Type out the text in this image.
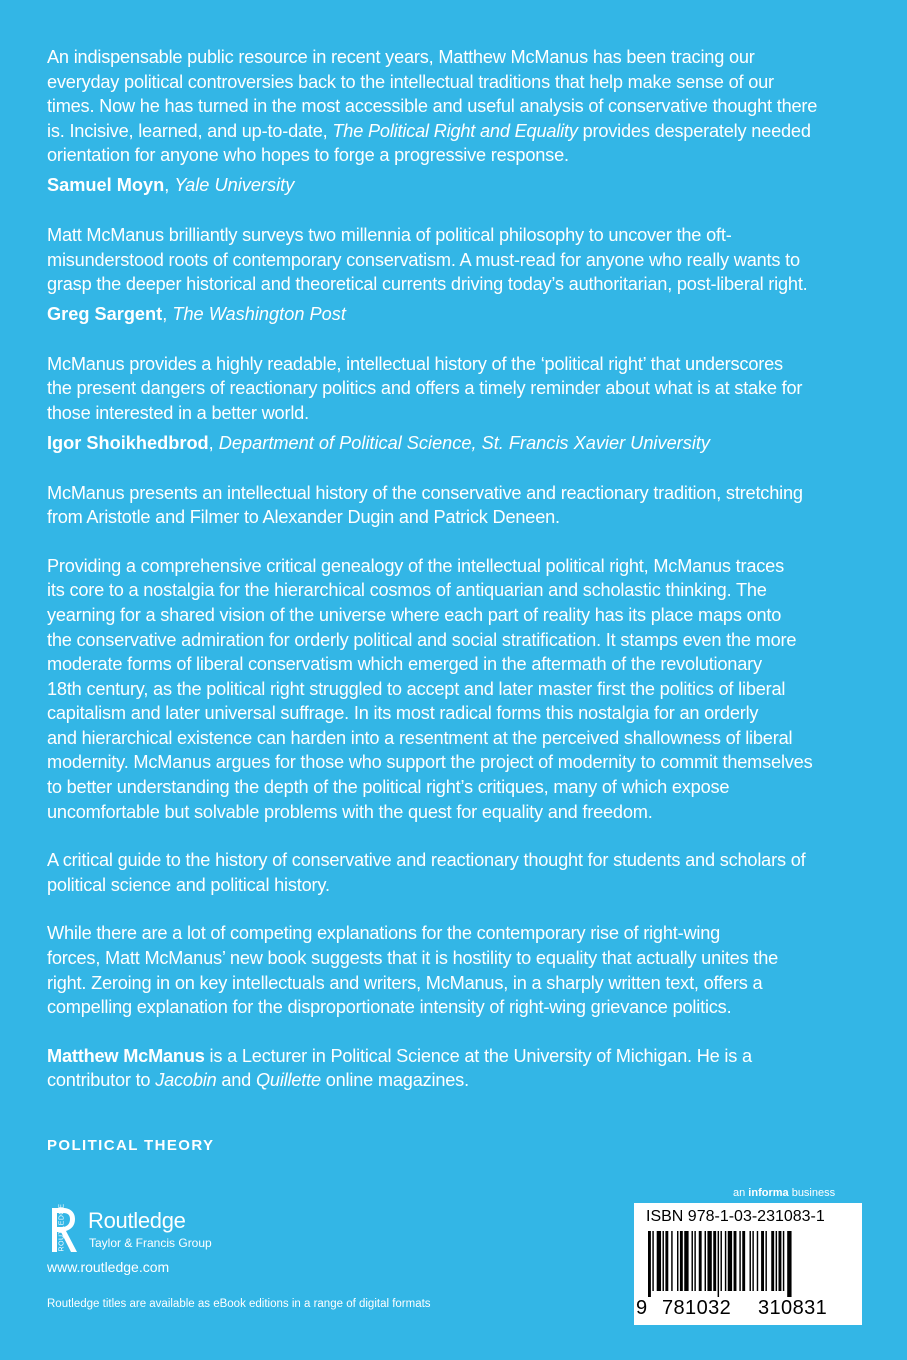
An indispensable public resource in recent years, Matthew McManus has been tracing our

everyday political controversies back to the intellectual traditions that help make sense of our

times. Now he has turned in the most accessible and useful analysis of conservative thought there

is. Incisive, learned, and up-to-date, The Political Right and Equality provides desperately needed

orientation for anyone who hopes to forge a progressive response.

Samuel Moyn, Yale University

Matt McManus brilliantly surveys two millennia of political philosophy to uncover the oft-

misunderstood roots of contemporary conservatism. A must-read for anyone who really wants to

grasp the deeper historical and theoretical currents driving today’s authoritarian, post-liberal right.

Greg Sargent, The Washington Post

McManus provides a highly readable, intellectual history of the ‘political right’ that underscores

the present dangers of reactionary politics and offers a timely reminder about what is at stake for

those interested in a better world.

Igor Shoikhedbrod, Department of Political Science, St. Francis Xavier University

McManus presents an intellectual history of the conservative and reactionary tradition, stretching

from Aristotle and Filmer to Alexander Dugin and Patrick Deneen.

Providing a comprehensive critical genealogy of the intellectual political right, McManus traces

its core to a nostalgia for the hierarchical cosmos of antiquarian and scholastic thinking. The

yearning for a shared vision of the universe where each part of reality has its place maps onto

the conservative admiration for orderly political and social stratification. It stamps even the more

moderate forms of liberal conservatism which emerged in the aftermath of the revolutionary

18th century, as the political right struggled to accept and later master first the politics of liberal

capitalism and later universal suffrage. In its most radical forms this nostalgia for an orderly

and hierarchical existence can harden into a resentment at the perceived shallowness of liberal

modernity. McManus argues for those who support the project of modernity to commit themselves

to better understanding the depth of the political right’s critiques, many of which expose

uncomfortable but solvable problems with the quest for equality and freedom.

A critical guide to the history of conservative and reactionary thought for students and scholars of

political science and political history.

While there are a lot of competing explanations for the contemporary rise of right-wing

forces, Matt McManus’ new book suggests that it is hostility to equality that actually unites the

right. Zeroing in on key intellectuals and writers, McManus, in a sharply written text, offers a

compelling explanation for the disproportionate intensity of right-wing grievance politics.

Matthew McManus is a Lecturer in Political Science at the University of Michigan. He is a

contributor to Jacobin and Quillette online magazines.

POLITICAL THEORY
ROUTLEDGE Routledge
Taylor & Francis Group
www.routledge.com
Routledge titles are available as eBook editions in a range of digital formats
an informa business
ISBN 978-1-03-231083-1
9 781032 310831
